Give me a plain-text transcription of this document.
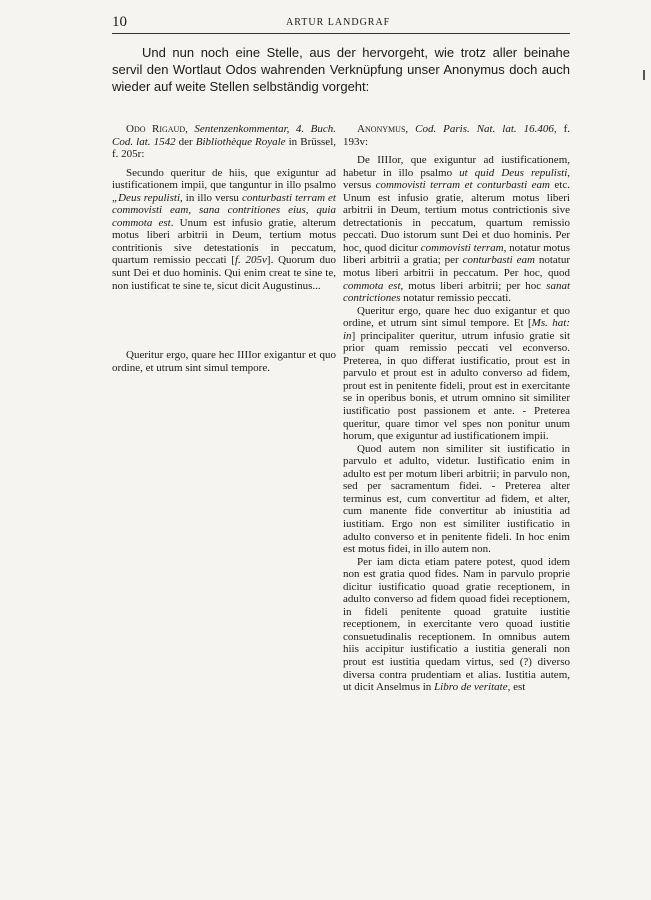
10	ARTUR LANDGRAF

Und nun noch eine Stelle, aus der hervorgeht, wie trotz aller beinahe servil den Wortlaut Odos wahrenden Verknüpfung unser Anonymus doch auch wieder auf weite Stellen selbständig vorgeht:

Odo Rigaud, Sentenzenkommentar, 4. Buch. Cod. lat. 1542 der Bibliothèque Royale in Brüssel, f. 205r:

Secundo queritur de hiis, que exiguntur ad iustificationem impii, que tanguntur in illo psalmo „Deus repulisti, in illo versu conturbasti terram et commovisti eam, sana contritiones eius, quia commota est. Unum est infusio gratie, alterum motus liberi arbitrii in Deum, tertium motus contritionis sive detestationis in peccatum, quartum remissio peccati [f. 205v]. Quorum duo sunt Dei et duo hominis. Qui enim creat te sine te, non iustificat te sine te, sicut dicit Augustinus...

Queritur ergo, quare hec IIIIor exigantur et quo ordine, et utrum sint simul tempore.

Anonymus, Cod. Paris. Nat. lat. 16.406, f. 193v:

De IIIIor, que exiguntur ad iustificationem, habetur in illo psalmo ut quid Deus repulisti, versus commovisti terram et conturbasti eam etc. Unum est infusio gratie, alterum motus liberi arbitrii in Deum, tertium motus contrictionis sive detrectationis in peccatum, quartum remissio peccati. Duo istorum sunt Dei et duo hominis. Per hoc, quod dicitur commovisti terram, notatur motus liberi arbitrii a gratia; per conturbasti eam notatur motus liberi arbitrii in peccatum. Per hoc, quod commota est, motus liberi arbitrii; per hoc sanat contrictiones notatur remissio peccati.

Queritur ergo, quare hec duo exigantur et quo ordine, et utrum sint simul tempore. Et [Ms. hat: in] principaliter queritur, utrum infusio gratie sit prior quam remissio peccati vel econverso. Preterea, in quo differat iustificatio, prout est in parvulo et prout est in adulto converso ad fidem, prout est in penitente fideli, prout est in exercitante se in operibus bonis, et utrum omnino sit similiter iustificatio post passionem et ante. - Preterea queritur, quare timor vel spes non ponitur unum horum, que exiguntur ad iustificationem impii.

Quod autem non similiter sit iustificatio in parvulo et adulto, videtur. Iustificatio enim in adulto est per motum liberi arbitrii; in parvulo non, sed per sacramentum fidei. - Preterea alter terminus est, cum convertitur ad fidem, et alter, cum manente fide convertitur ab iniustitia ad iustitiam. Ergo non est similiter iustificatio in adulto converso et in penitente fideli. In hoc enim est motus fidei, in illo autem non.

Per iam dicta etiam patere potest, quod idem non est gratia quod fides. Nam in parvulo proprie dicitur iustificatio quoad gratie receptionem, in adulto converso ad fidem quoad fidei receptionem, in fideli penitente quoad gratuite iustitie receptionem, in exercitante vero quoad iustitie consuetudinalis receptionem. In omnibus autem hiis accipitur iustificatio a iustitia generali non prout est iustitia quedam virtus, sed (?) diverso diversa contra prudentiam et alias. Iustitia autem, ut dicit Anselmus in Libro de veritate, est
